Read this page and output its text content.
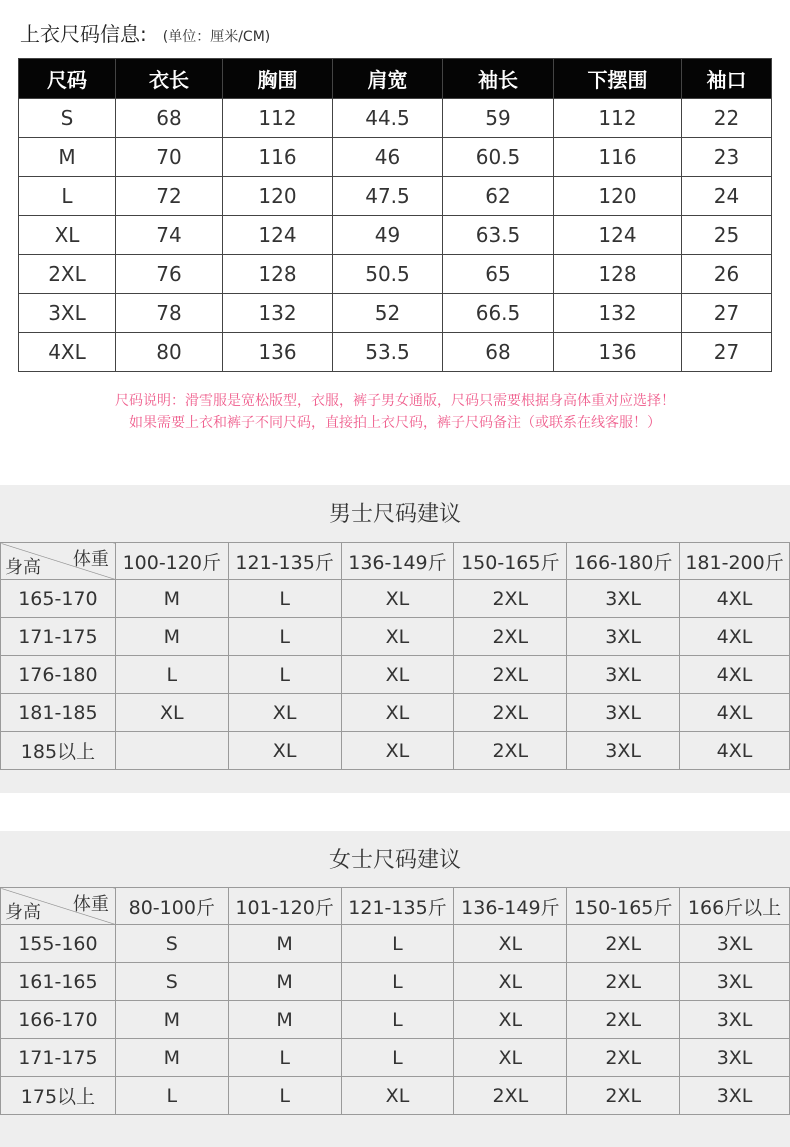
上衣尺码信息: (单位：厘米/CM)
尺码	衣长	胸围	肩宽	袖长	下摆围	袖口
S	68	112	44.5	59	112	22
M	70	116	46	60.5	116	23
L	72	120	47.5	62	120	24
XL	74	124	49	63.5	124	25
2XL	76	128	50.5	65	128	26
3XL	78	132	52	66.5	132	27
4XL	80	136	53.5	68	136	27
尺码说明：滑雪服是宽松版型，衣服，裤子男女通版，尺码只需要根据身高体重对应选择！
如果需要上衣和裤子不同尺码，直接拍上衣尺码，裤子尺码备注（或联系在线客服！）
男士尺码建议
体重
身高	100-120斤	121-135斤	136-149斤	150-165斤	166-180斤	181-200斤
165-170	M	L	XL	2XL	3XL	4XL
171-175	M	L	XL	2XL	3XL	4XL
176-180	L	L	XL	2XL	3XL	4XL
181-185	XL	XL	XL	2XL	3XL	4XL
185以上		XL	XL	2XL	3XL	4XL
女士尺码建议
体重
身高	80-100斤	101-120斤	121-135斤	136-149斤	150-165斤	166斤以上
155-160	S	M	L	XL	2XL	3XL
161-165	S	M	L	XL	2XL	3XL
166-170	M	M	L	XL	2XL	3XL
171-175	M	L	L	XL	2XL	3XL
175以上	L	L	XL	2XL	2XL	3XL
